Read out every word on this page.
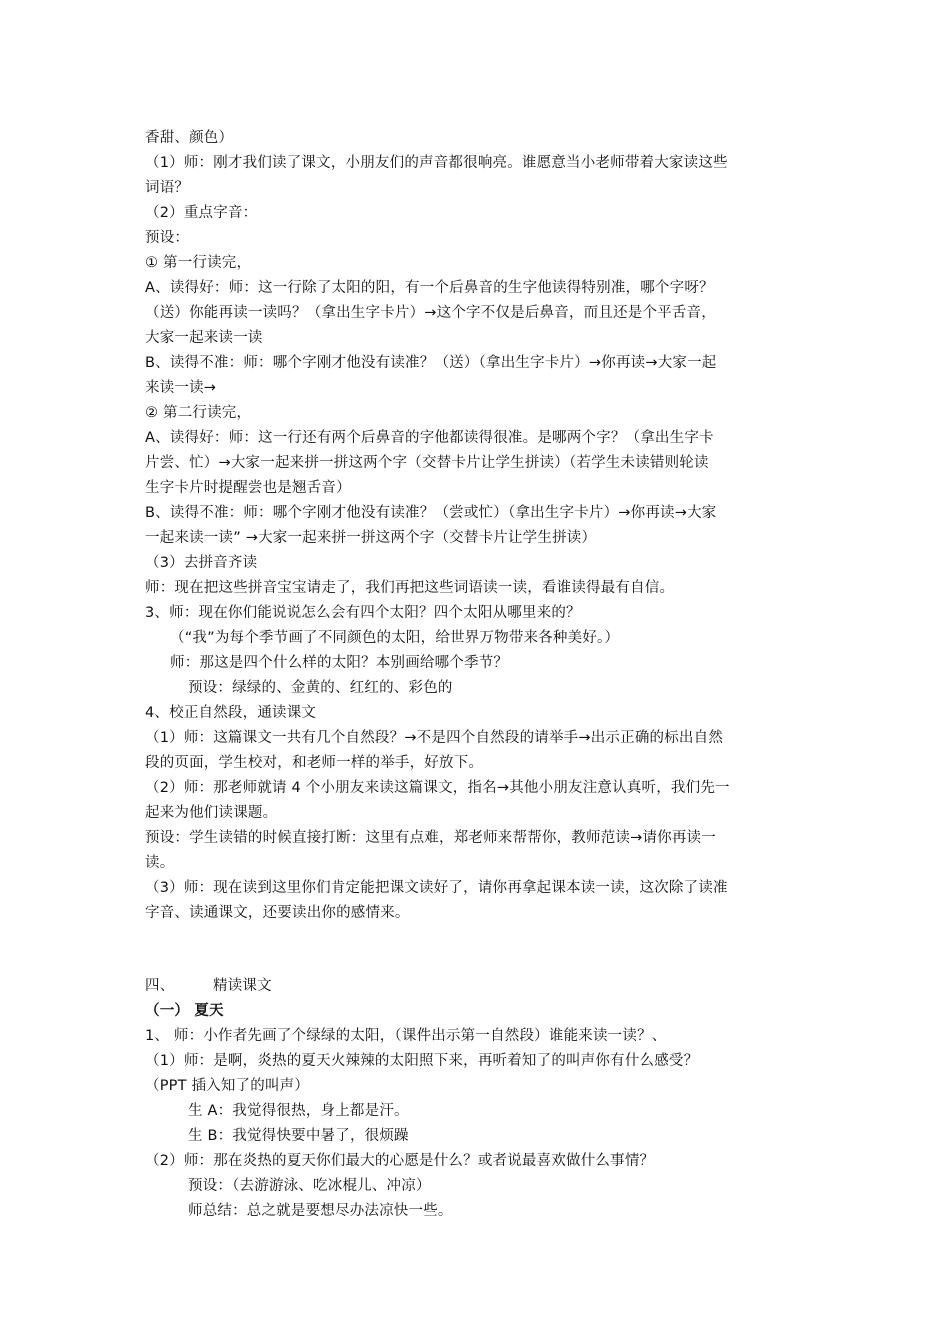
香甜、颜色）
（1）师：刚才我们读了课文，小朋友们的声音都很响亮。谁愿意当小老师带着大家读这些
词语？
（2）重点字音：
预设：
① 第一行读完，
A、读得好：师：这一行除了太阳的阳，有一个后鼻音的生字他读得特别准，哪个字呀？
（送）你能再读一读吗？（拿出生字卡片）→这个字不仅是后鼻音，而且还是个平舌音，
大家一起来读一读
B、读得不准：师：哪个字刚才他没有读准？（送）（拿出生字卡片）→你再读→大家一起
来读一读→
② 第二行读完，
A、读得好：师：这一行还有两个后鼻音的字他都读得很准。是哪两个字？（拿出生字卡
片尝、忙）→大家一起来拼一拼这两个字（交替卡片让学生拼读）（若学生未读错则轮读
生字卡片时提醒尝也是翘舌音）
B、读得不准：师：哪个字刚才他没有读准？（尝或忙）（拿出生字卡片）→你再读→大家
一起来读一读” →大家一起来拼一拼这两个字（交替卡片让学生拼读）
（3）去拼音齐读
师：现在把这些拼音宝宝请走了，我们再把这些词语读一读，看谁读得最有自信。
3、师：现在你们能说说怎么会有四个太阳？四个太阳从哪里来的？
（“我”为每个季节画了不同颜色的太阳，给世界万物带来各种美好。）
师：那这是四个什么样的太阳？本别画给哪个季节？
预设：绿绿的、金黄的、红红的、彩色的
4、校正自然段，通读课文
（1）师：这篇课文一共有几个自然段？→不是四个自然段的请举手→出示正确的标出自然
段的页面，学生校对，和老师一样的举手，好放下。
（2）师：那老师就请 4 个小朋友来读这篇课文，指名→其他小朋友注意认真听，我们先一
起来为他们读课题。
预设：学生读错的时候直接打断：这里有点难，郑老师来帮帮你，教师范读→请你再读一
读。
（3）师：现在读到这里你们肯定能把课文读好了，请你再拿起课本读一读，这次除了读准
字音、读通课文，还要读出你的感情来。
四、	精读课文
（一） 夏天
1、 师：小作者先画了个绿绿的太阳，（课件出示第一自然段）谁能来读一读？、
（1）师：是啊，炎热的夏天火辣辣的太阳照下来，再听着知了的叫声你有什么感受？
（PPT 插入知了的叫声）
生 A：我觉得很热，身上都是汗。
生 B：我觉得快要中暑了，很烦躁
（2）师：那在炎热的夏天你们最大的心愿是什么？或者说最喜欢做什么事情？
预设：（去游游泳、吃冰棍儿、冲凉）
师总结：总之就是要想尽办法凉快一些。
